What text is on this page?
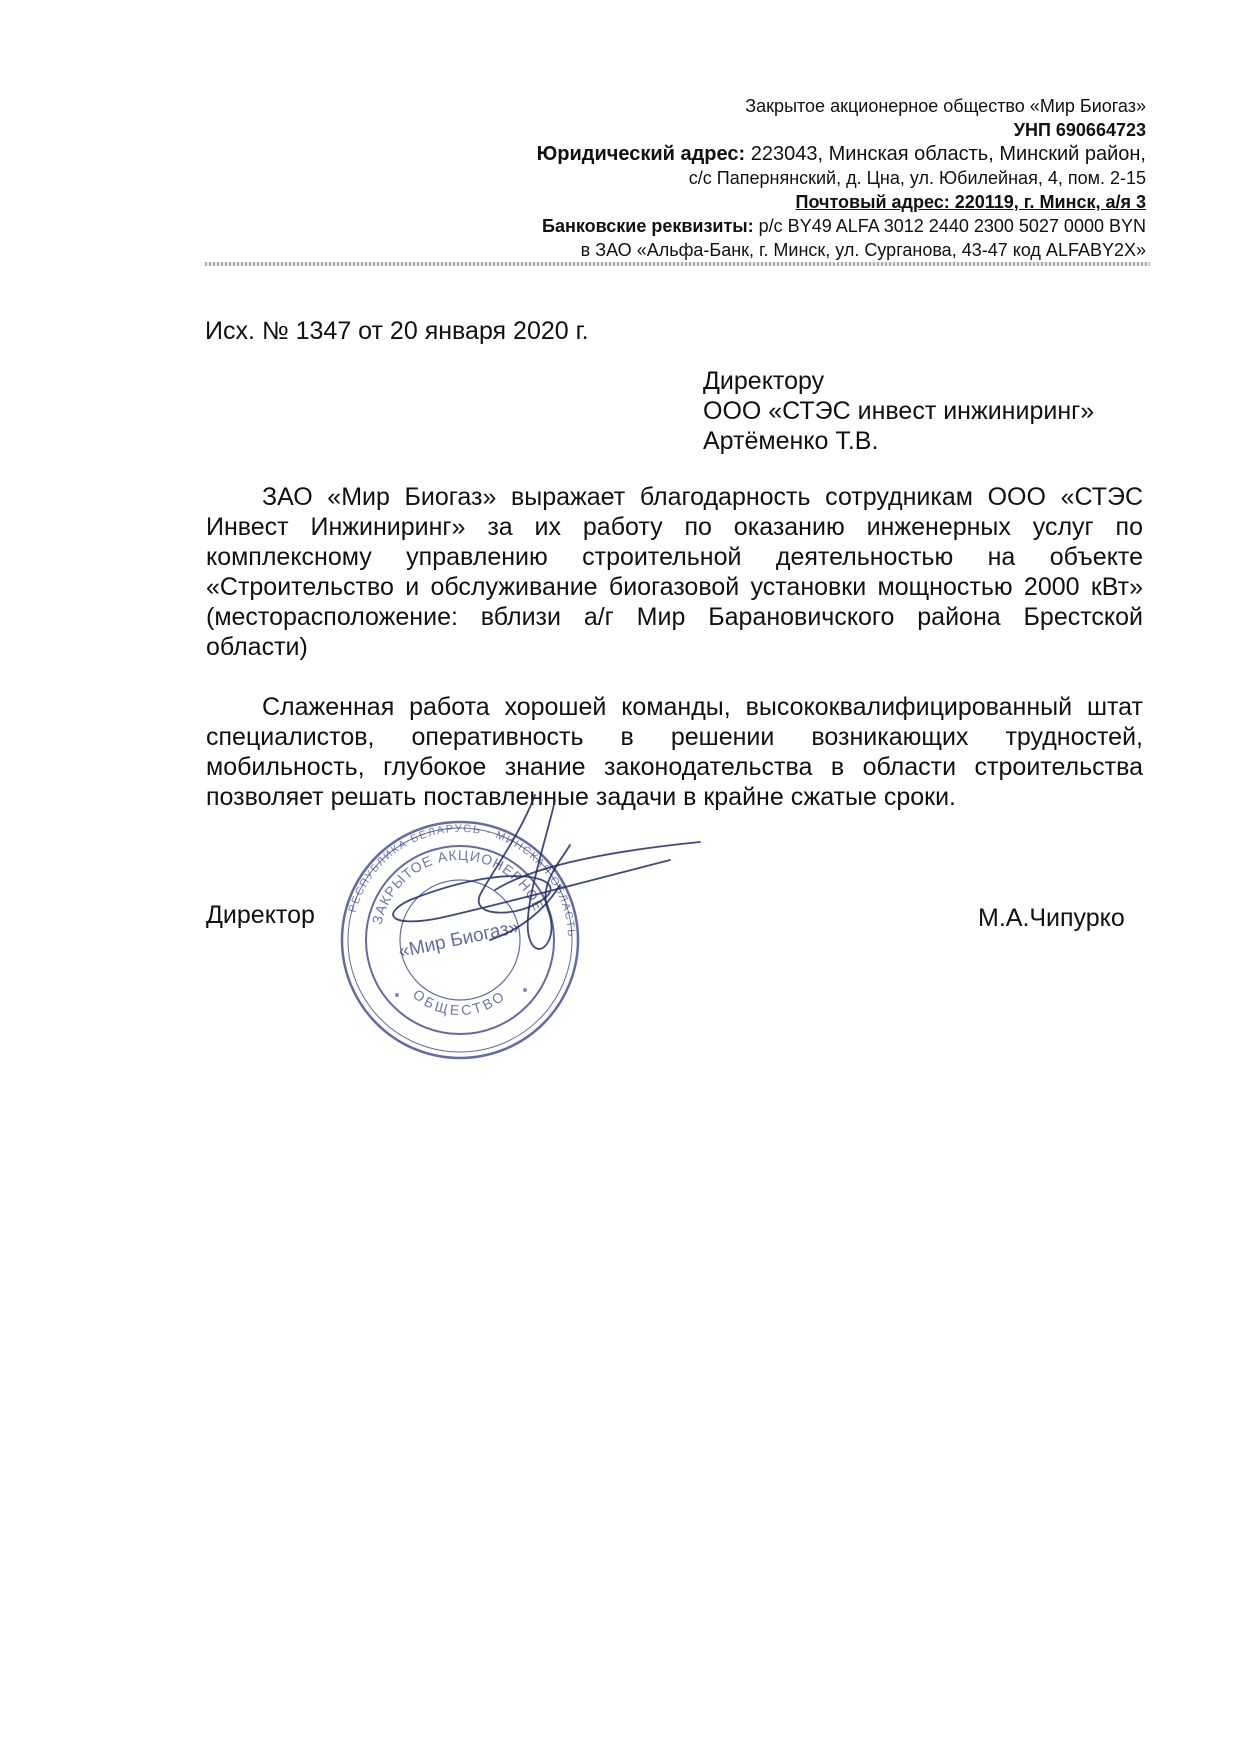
Закрытое акционерное общество «Мир Биогаз»
УНП 690664723
Юридический адрес: 223043, Минская область, Минский район,
с/с Папернянский, д. Цна, ул. Юбилейная, 4, пом. 2-15
Почтовый адрес: 220119, г. Минск, а/я 3
Банковские реквизиты: р/с BY49 ALFA 3012 2440 2300 5027 0000 BYN
в ЗАО «Альфа-Банк, г. Минск, ул. Сурганова, 43-47 код ALFABY2X»
Исх. № 1347 от 20 января 2020 г.
Директору
ООО «СТЭС инвест инжиниринг»
Артёменко Т.В.

ЗАО «Мир Биогаз» выражает благодарность сотрудникам ООО «СТЭС Инвест Инжиниринг» за их работу по оказанию инженерных услуг по комплексному управлению строительной деятельностью на объекте «Строительство и обслуживание биогазовой установки мощностью 2000 кВт» (месторасположение: вблизи а/г Мир Барановичского района Брестской области)

Слаженная работа хорошей команды, высококвалифицированный штат специалистов, оперативность в решении возникающих трудностей, мобильность, глубокое знание законодательства в области строительства позволяет решать поставленные задачи в крайне сжатые сроки.

Директор	М.А.Чипурко
РЕСПУБЛИКА БЕЛАРУСЬ · МИНСКАЯ ОБЛАСТЬ
ЗАКРЫТОЕ АКЦИОНЕРНОЕ
ОБЩЕСТВО
«Мир Биогаз»
